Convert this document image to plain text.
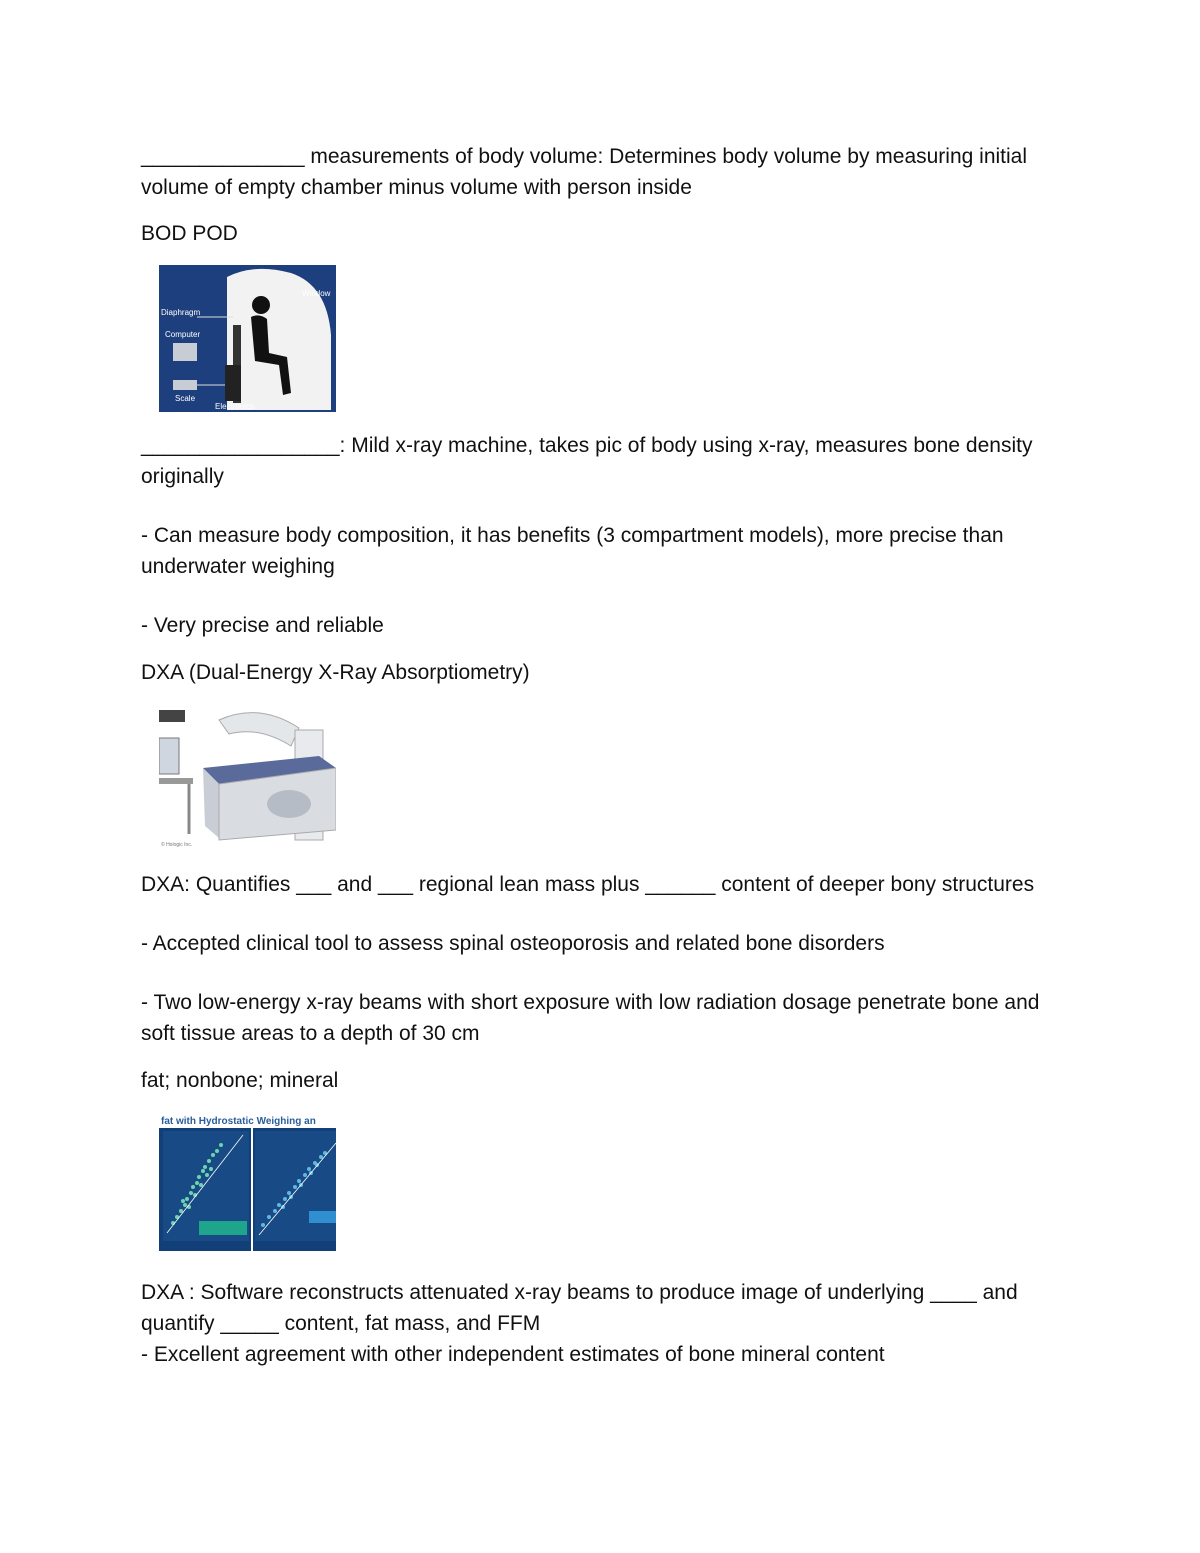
______________ measurements of body volume: Determines body volume by measuring initial volume of empty chamber minus volume with person inside

BOD POD

Window
Diaphragm
Computer
Scale
Electronics

_________________: Mild x-ray machine, takes pic of body using x-ray, measures bone density originally

- Can measure body composition, it has benefits (3 compartment models), more precise than underwater weighing

- Very precise and reliable

DXA (Dual-Energy X-Ray Absorptiometry)

© Hologic Inc.

DXA: Quantifies ___ and ___ regional lean mass plus ______ content of deeper bony structures

- Accepted clinical tool to assess spinal osteoporosis and related bone disorders

- Two low-energy x-ray beams with short exposure with low radiation dosage penetrate bone and soft tissue areas to a depth of 30 cm

fat; nonbone; mineral

fat with Hydrostatic Weighing an

DXA : Software reconstructs attenuated x-ray beams to produce image of underlying ____ and quantify _____ content, fat mass, and FFM

- Excellent agreement with other independent estimates of bone mineral content
